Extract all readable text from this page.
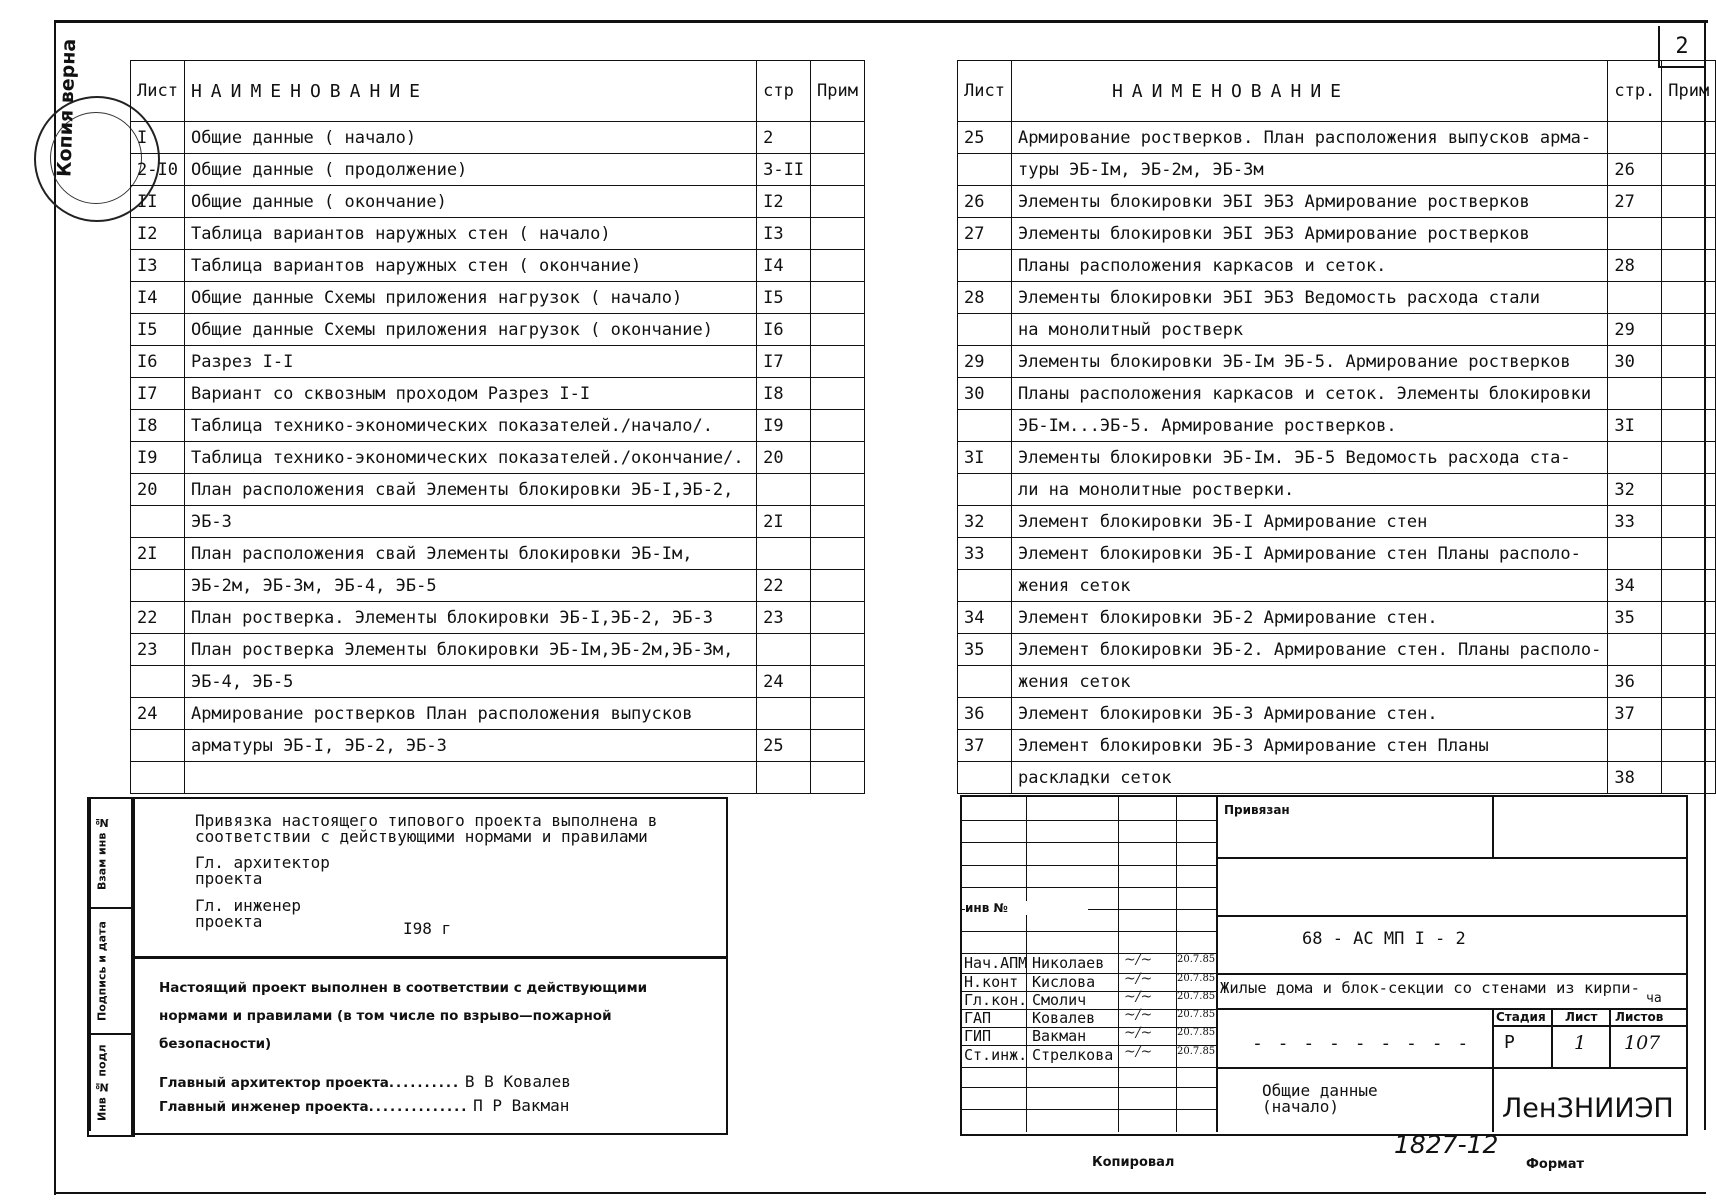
2
Копия верна	Лист	НАИМЕНОВАНИЕ	стр	Прим
I	Общие данные ( начало)	2	
2-I0	Общие данные ( продолжение)	3-II	
II	Общие данные ( окончание)	I2	
I2	Таблица вариантов наружных стен ( начало)	I3	
I3	Таблица вариантов наружных стен ( окончание)	I4	
I4	Общие данные Схемы приложения нагрузок ( начало)	I5	
I5	Общие данные Схемы приложения нагрузок ( окончание)	I6	
I6	Разрез I-I	I7	
I7	Вариант со сквозным проходом Разрез I-I	I8	
I8	Таблица технико-экономических показателей./начало/.	I9	
I9	Таблица технико-экономических показателей./окончание/.	20	
20	План расположения свай Элементы блокировки ЭБ-I,ЭБ-2,		
	ЭБ-3	2I	
2I	План расположения свай Элементы блокировки ЭБ-Iм,		
	ЭБ-2м, ЭБ-3м, ЭБ-4, ЭБ-5	22	
22	План ростверка. Элементы блокировки ЭБ-I,ЭБ-2, ЭБ-3	23	
23	План ростверка Элементы блокировки ЭБ-Iм,ЭБ-2м,ЭБ-3м,		
	ЭБ-4, ЭБ-5	24	
24	Армирование ростверков План расположения выпусков		
	арматуры ЭБ-I, ЭБ-2, ЭБ-3	25	

Лист	НАИМЕНОВАНИЕ	стр.	Прим
25	Армирование ростверков. План расположения выпусков арма-		
	туры ЭБ-Iм, ЭБ-2м, ЭБ-3м	26	
26	Элементы блокировки ЭБI ЭБ3 Армирование ростверков	27	
27	Элементы блокировки ЭБI ЭБ3 Армирование ростверков		
	Планы расположения каркасов и сеток.	28	
28	Элементы блокировки ЭБI ЭБ3 Ведомость расхода стали		
	на монолитный ростверк	29	
29	Элементы блокировки ЭБ-Iм ЭБ-5. Армирование ростверков	30	
30	Планы расположения каркасов и сеток. Элементы блокировки		
	ЭБ-Iм...ЭБ-5. Армирование ростверков.	3I	
3I	Элементы блокировки ЭБ-Iм. ЭБ-5 Ведомость расхода ста-		
	ли на монолитные ростверки.	32	
32	Элемент блокировки ЭБ-I Армирование стен	33	
33	Элемент блокировки ЭБ-I Армирование стен Планы располо-		
	жения сеток	34	
34	Элемент блокировки ЭБ-2 Армирование стен.	35	
35	Элемент блокировки ЭБ-2. Армирование стен. Планы располо-		
	жения сеток	36	
36	Элемент блокировки ЭБ-3 Армирование стен.	37	
37	Элемент блокировки ЭБ-3 Армирование стен Планы		
	раскладки сеток	38	
Взам инв №
Подпись и дата
Инв № подл
Привязка настоящего типового проекта выполнена в
соответствии с действующими нормами и правилами
Гл. архитектор
проекта
Гл. инженер
проекта	I98 г
Настоящий проект выполнен в соответствии с действующими
нормами и правилами (в том числе по взрыво—пожарной
безопасности)
Главный архитектор проекта.......... В В Ковалев
Главный инженер проекта.............. П Р Вакман
инв №
Нач.АПМ Николаев	20.7.85
~/~
Н.конт Кислова	20.7.85
~/~
Гл.кон. Смолич	20.7.85
~/~
ГАП	Ковалев	20.7.85
~/~
ГИП	Вакман	20.7.85
~/~
Ст.инж. Стрелкова	20.7.85
~/~
Привязан
68 - АС МП I - 2
Жилые дома и блок-секции со стенами из кирпи-
ча
- - - - - - - - -
Стадия Лист Листов
Р	1 107
Общие данные
(начало)	ЛенЗНИИЭП
Копировал
1827-12
Формат
